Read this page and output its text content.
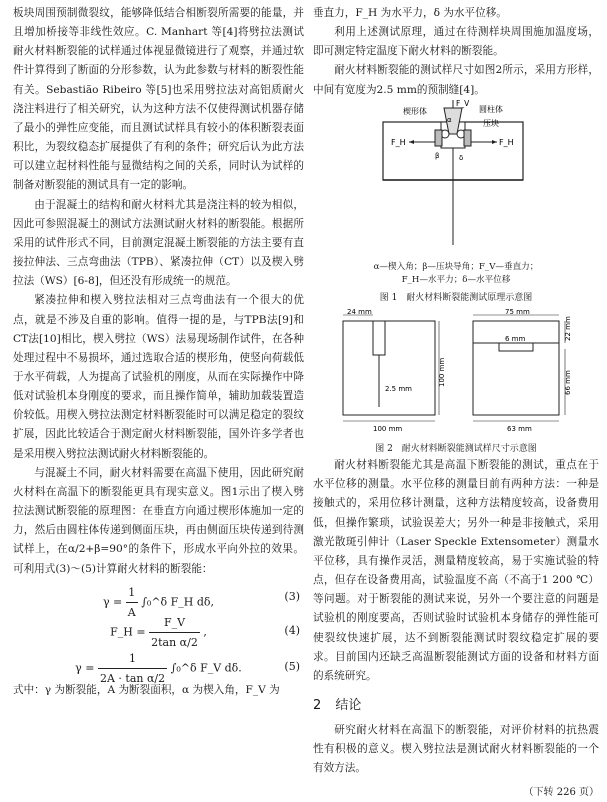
板块周围预制微裂纹，能够降低结合相断裂所需要的能量，并且增加桥接等非线性效应。C. Manhart 等[4]将劈拉法测试耐火材料断裂能的试样通过体视显微镜进行了观察，并通过软件计算得到了断面的分形参数，认为此参数与材料的断裂性能有关。Sebastião Ribeiro 等[5]也采用劈拉法对高铝质耐火浇注料进行了相关研究，认为这种方法不仅使得测试机器存储了最小的弹性应变能，而且测试试样具有较小的体积断裂表面积比，为裂纹稳态扩展提供了有利的条件；研究后认为此方法可以建立起材料性能与显微结构之间的关系，同时认为试样的制备对断裂能的测试具有一定的影响。

由于混凝土的结构和耐火材料尤其是浇注料的较为相似，因此可参照混凝土的测试方法测试耐火材料的断裂能。根据所采用的试件形式不同，目前测定混凝土断裂能的方法主要有直接拉伸法、三点弯曲法（TPB）、紧凑拉伸（CT）以及楔入劈拉法（WS）[6-8]，但还没有形成统一的规范。

紧凑拉伸和楔入劈拉法相对三点弯曲法有一个很大的优点，就是不涉及自重的影响。值得一提的是，与TPB法[9]和CT法[10]相比，楔入劈拉（WS）法易现场制作试件，在各种处理过程中不易损坏，通过选取合适的楔形角，使竖向荷载低于水平荷载，人为提高了试验机的刚度，从而在实际操作中降低对试验机本身刚度的要求，而且操作简单，辅助加载装置造价较低。用楔入劈拉法测定材料断裂能时可以满足稳定的裂纹扩展，因此比较适合于测定耐火材料断裂能，国外许多学者也是采用楔入劈拉法测试耐火材料断裂能的。

与混凝土不同，耐火材料需要在高温下使用，因此研究耐火材料在高温下的断裂能更具有现实意义。图1示出了楔入劈拉法测试断裂能的原理图：在垂直方向通过楔形体施加一定的力，然后由圆柱体传递到侧面压块，再由侧面压块传递到待测试样上，在α/2+β=90°的条件下，形成水平向外拉的效果。可利用式(3)～(5)计算耐火材料的断裂能：

$\gamma = \frac{1}{A}$ ∫₀^δ F_H dδ,	(3)
F_H = $\frac{F\_V}{\text{2tan α/2}}$ ,	(4)
$\gamma = \frac{1}{\text{2A · tan α/2}}$ ∫₀^δ F_V dδ.	(5)

式中：γ 为断裂能，A 为断裂面积，α 为楔入角，F_V 为

垂直力，F_H 为水平力，δ 为水平位移。

利用上述测试原理，通过在待测样块周围施加温度场，即可测定特定温度下耐火材料的断裂能。

耐火材料断裂能的测试样尺寸如图2所示，采用方形样，中间有宽度为2.5 mm的预制缝[4]。

楔形体	圆柱体
压块
F_V
F_H	F_H
α
β	δ
α—楔入角；β—压块导角；F_V—垂直力；
F_H—水平力；δ—水平位移
图 1　耐火材料断裂能测试原理示意图
24 mm
2.5 mm
100 mm
100 mm
75 mm
6 mm	22 mm
66 mm
63 mm
图 2　耐火材料断裂能测试样尺寸示意图

耐火材料断裂能尤其是高温下断裂能的测试，重点在于水平位移的测量。水平位移的测量目前有两种方法：一种是接触式的，采用位移计测量，这种方法精度较高，设备费用低，但操作繁琐，试验误差大；另外一种是非接触式，采用激光散斑引伸计（Laser Speckle Extensometer）测量水平位移，具有操作灵活，测量精度较高，易于实施试验的特点，但存在设备费用高，试验温度不高（不高于1 200 ℃）等问题。对于断裂能的测试来说，另外一个要注意的问题是试验机的刚度要高，否则试验时试验机本身储存的弹性能可使裂纹快速扩展，达不到断裂能测试时裂纹稳定扩展的要求。目前国内还缺乏高温断裂能测试方面的设备和材料方面的系统研究。

2 结论

研究耐火材料在高温下的断裂能，对评价材料的抗热震性有积极的意义。楔入劈拉法是测试耐火材料断裂能的一个有效方法。

（下转 226 页）
